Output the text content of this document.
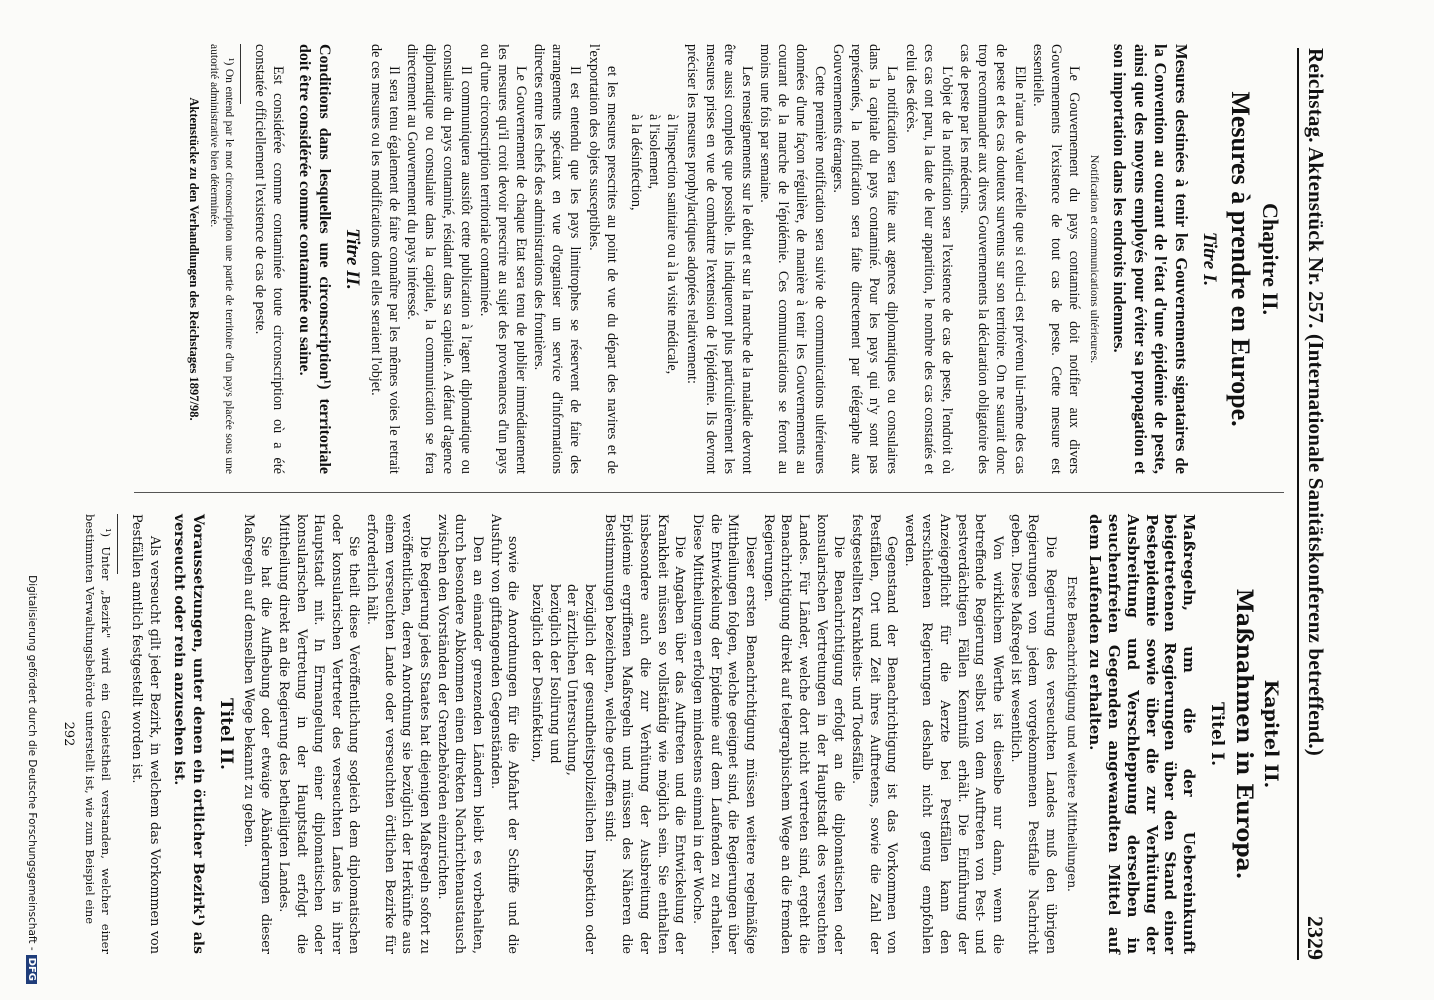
Reichstag. Aktenstück Nr. 257. (Internationale Sanitätskonferenz betreffend.)
2329
Chapitre II.
Mesures à prendre en Europe.
Titre I.
Mesures destinées à tenir les Gouvernements signataires de la Convention au courant de l'état d'une épidémie de peste, ainsi que des moyens employés pour éviter sa propagation et son importation dans les endroits indemnes.
Notification et communications ultérieures.

Le Gouvernement du pays contaminé doit notifier aux divers Gouvernements l'existence de tout cas de peste. Cette mesure est essentielle.

Elle n'aura de valeur réelle que si celui-ci est prévenu lui-même des cas de peste et des cas douteux survenus sur son territoire. On ne saurait donc trop recommander aux divers Gouvernements la déclaration obligatoire des cas de peste par les médecins.

L'objet de la notification sera l'existence de cas de peste, l'endroit où ces cas ont paru, la date de leur apparition, le nombre des cas constatés et celui des décès.

La notification sera faite aux agences diplomatiques ou consulaires dans la capitale du pays contaminé. Pour les pays qui n'y sont pas représentés, la notification sera faite directement par télégraphe aux Gouvernements étrangers.

Cette première notification sera suivie de communications ultérieures données d'une façon régulière, de manière à tenir les Gouvernements au courant de la marche de l'épidémie. Ces communications se feront au moins une fois par semaine.

Les renseignements sur le début et sur la marche de la maladie devront être aussi complets que possible. Ils indiqueront plus particulièrement les mesures prises en vue de combattre l'extension de l'épidémie. Ils devront préciser les mesures prophylactiques adoptées relativement:

à l'inspection sanitaire ou à la visite médicale,
à l'isolement,
à la désinfection,

et les mesures prescrites au point de vue du départ des navires et de l'exportation des objets susceptibles.

Il est entendu que les pays limitrophes se réservent de faire des arrangements spéciaux en vue d'organiser un service d'informations directes entre les chefs des administrations des frontières.

Le Gouvernement de chaque Etat sera tenu de publier immédiatement les mesures qu'il croit devoir prescrire au sujet des provenances d'un pays ou d'une circonscription territoriale contaminée.

Il communiquera aussitôt cette publication à l'agent diplomatique ou consulaire du pays contaminé, résidant dans sa capitale. A défaut d'agence diplomatique ou consulaire dans la capitale, la communication se fera directement au Gouvernement du pays intéressé.

Il sera tenu également de faire connaître par les mêmes voies le retrait de ces mesures ou les modifications dont elles seraient l'objet.

Titre II.
Conditions dans lesquelles une circonscription¹) territoriale doit être considérée comme contaminée ou saine.

Est considérée comme contaminée toute circonscription où a été constatée officiellement l'existence de cas de peste.

¹) On entend par le mot circonscription une partie de territoire d'un pays placée sous une autorité administrative bien déterminée.

Aktenstücke zu den Verhandlungen des Reichstages 1897/98.
Kapitel II.
Maßnahmen in Europa.
Titel I.
Maßregeln, um die der Uebereinkunft beigetretenen Regierungen über den Stand einer Pestepidemie sowie über die zur Verhütung der Ausbreitung und Verschleppung derselben in seuchenfreien Gegenden angewandten Mittel auf dem Laufenden zu erhalten.
Erste Benachrichtigung und weitere Mittheilungen.

Die Regierung des verseuchten Landes muß den übrigen Regierungen von jedem vorgekommenen Pestfalle Nachricht geben. Diese Maßregel ist wesentlich.

Von wirklichem Werthe ist dieselbe nur dann, wenn die betreffende Regierung selbst von dem Auftreten von Pest- und pestverdächtigen Fällen Kenntniß erhält. Die Einführung der Anzeigepflicht für die Aerzte bei Pestfällen kann den verschiedenen Regierungen deshalb nicht genug empfohlen werden.

Gegenstand der Benachrichtigung ist das Vorkommen von Pestfällen, Ort und Zeit ihres Auftretens, sowie die Zahl der festgestellten Krankheits- und Todesfälle.

Die Benachrichtigung erfolgt an die diplomatischen oder konsularischen Vertretungen in der Hauptstadt des verseuchten Landes. Für Länder, welche dort nicht vertreten sind, ergeht die Benachrichtigung direkt auf telegraphischem Wege an die fremden Regierungen.

Dieser ersten Benachrichtigung müssen weitere regelmäßige Mittheilungen folgen, welche geeignet sind, die Regierungen über die Entwickelung der Epidemie auf dem Laufenden zu erhalten. Diese Mittheilungen erfolgen mindestens einmal in der Woche.

Die Angaben über das Auftreten und die Entwickelung der Krankheit müssen so vollständig wie möglich sein. Sie enthalten insbesondere auch die zur Verhütung der Ausbreitung der Epidemie ergriffenen Maßregeln und müssen des Näheren die Bestimmungen bezeichnen, welche getroffen sind:

bezüglich der gesundheitspolizeilichen Inspektion oder der ärztlichen Untersuchung,
bezüglich der Isolirung und
bezüglich der Desinfektion,

sowie die Anordnungen für die Abfahrt der Schiffe und die Ausfuhr von giftfangenden Gegenständen.

Den an einander grenzenden Ländern bleibt es vorbehalten, durch besondere Abkommen einen direkten Nachrichtenaustausch zwischen den Vorständen der Grenzbehörden einzurichten.

Die Regierung jedes Staates hat diejenigen Maßregeln sofort zu veröffentlichen, deren Anordnung sie bezüglich der Herkünfte aus einem verseuchten Lande oder verseuchten örtlichen Bezirke für erforderlich hält.

Sie theilt diese Veröffentlichung sogleich dem diplomatischen oder konsularischen Vertreter des verseuchten Landes in ihrer Hauptstadt mit. In Ermangelung einer diplomatischen oder konsularischen Vertretung in der Hauptstadt erfolgt die Mittheilung direkt an die Regierung des betheiligten Landes.

Sie hat die Aufhebung oder etwaige Abänderungen dieser Maßregeln auf demselben Wege bekannt zu geben.

Titel II.
Voraussetzungen, unter denen ein örtlicher Bezirk¹) als verseucht oder rein anzusehen ist.

Als verseucht gilt jeder Bezirk, in welchem das Vorkommen von Pestfällen amtlich festgestellt worden ist.

¹) Unter „Bezirk" wird ein Gebietstheil verstanden, welcher einer bestimmten Verwaltungsbehörde unterstellt ist, wie zum Beispiel eine

292
Digitalisierung gefördert durch die Deutsche Forschungsgemeinschaft -DFG
